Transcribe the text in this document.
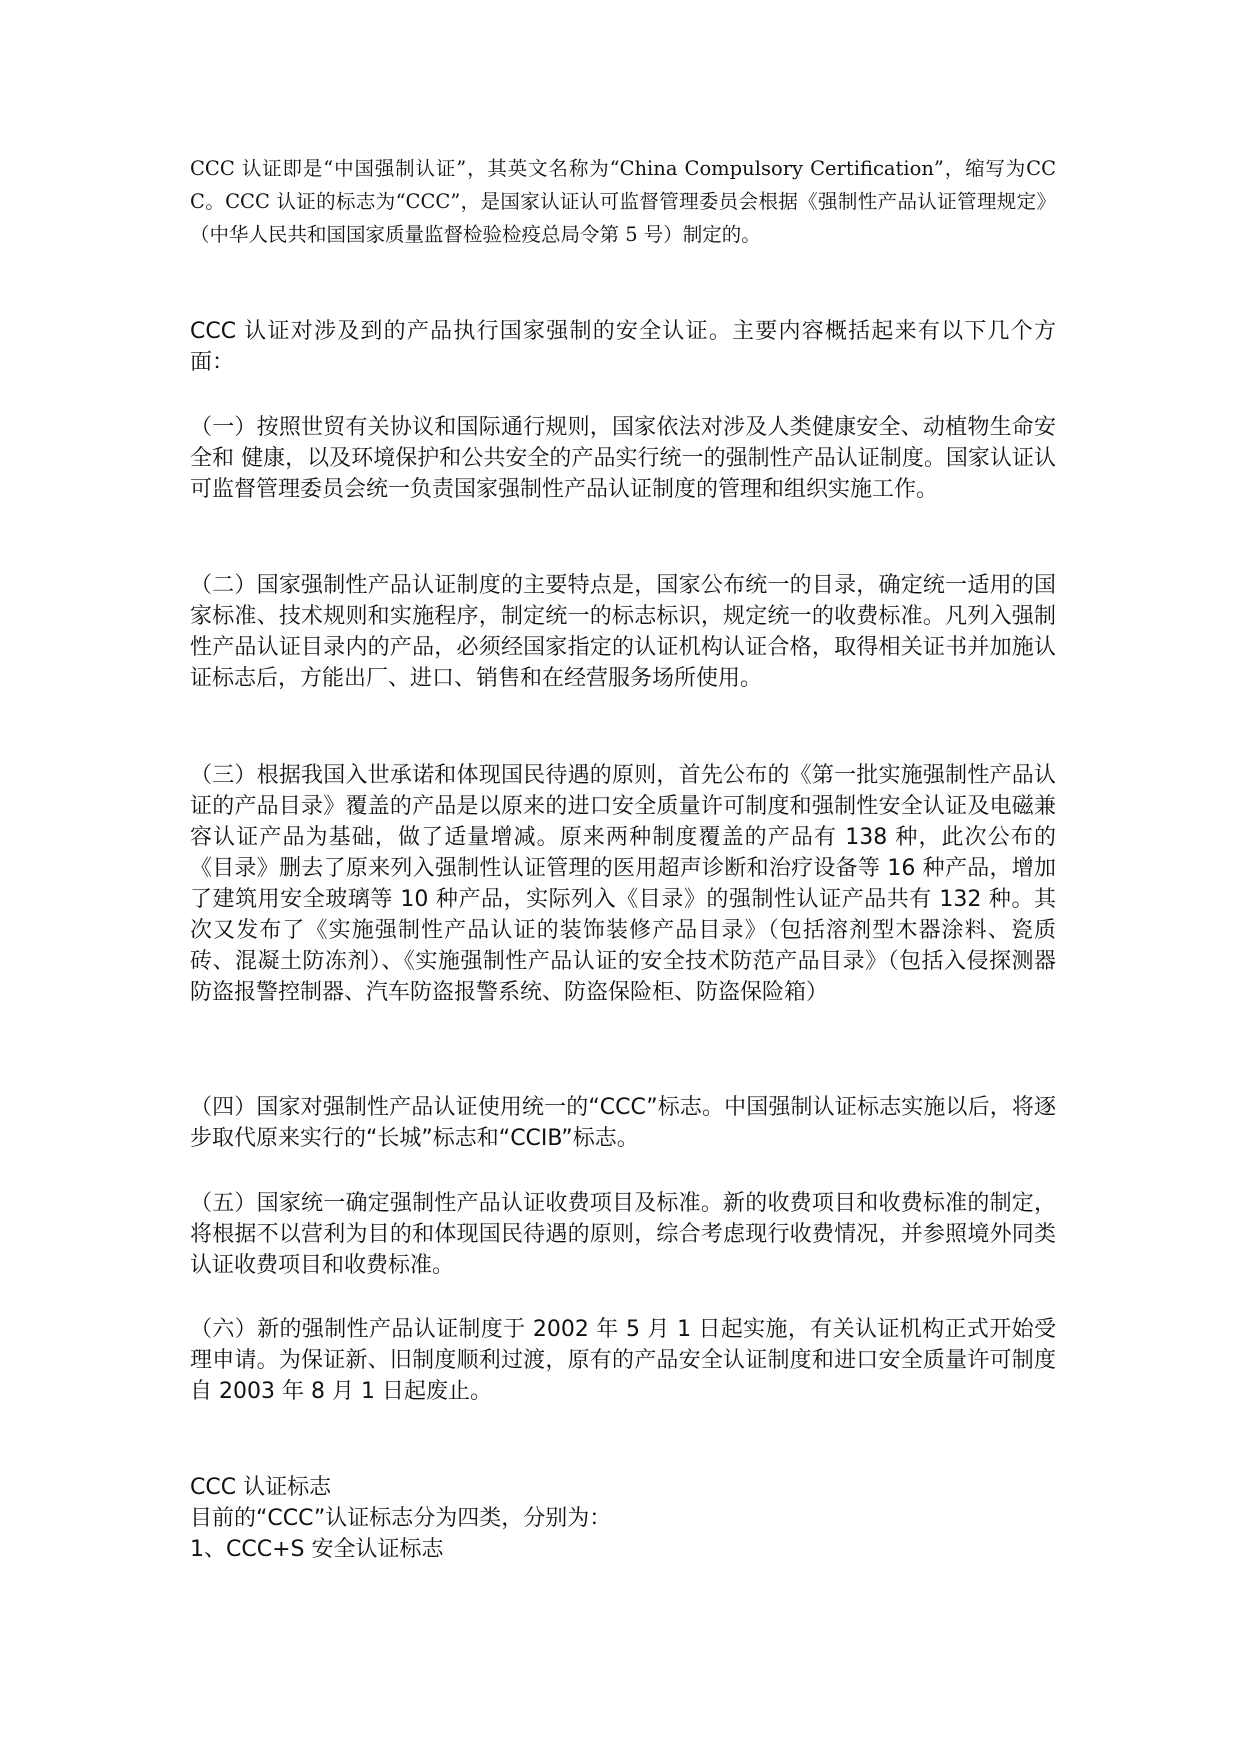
CCC 认证即是“中国强制认证”，其英文名称为“China Compulsory Certification”，缩写为CCC。CCC 认证的标志为“CCC”，是国家认证认可监督管理委员会根据《强制性产品认证管理规定》（中华人民共和国国家质量监督检验检疫总局令第 5 号）制定的。

CCC 认证对涉及到的产品执行国家强制的安全认证。主要内容概括起来有以下几个方面：

（一）按照世贸有关协议和国际通行规则，国家依法对涉及人类健康安全、动植物生命安全和 健康，以及环境保护和公共安全的产品实行统一的强制性产品认证制度。国家认证认可监督管理委员会统一负责国家强制性产品认证制度的管理和组织实施工作。

（二）国家强制性产品认证制度的主要特点是，国家公布统一的目录，确定统一适用的国家标准、技术规则和实施程序，制定统一的标志标识，规定统一的收费标准。凡列入强制性产品认证目录内的产品，必须经国家指定的认证机构认证合格，取得相关证书并加施认证标志后，方能出厂、进口、销售和在经营服务场所使用。

（三）根据我国入世承诺和体现国民待遇的原则，首先公布的《第一批实施强制性产品认证的产品目录》覆盖的产品是以原来的进口安全质量许可制度和强制性安全认证及电磁兼容认证产品为基础，做了适量增减。原来两种制度覆盖的产品有 138 种，此次公布的《目录》删去了原来列入强制性认证管理的医用超声诊断和治疗设备等 16 种产品，增加了建筑用安全玻璃等 10 种产品，实际列入《目录》的强制性认证产品共有 132 种。其次又发布了《实施强制性产品认证的装饰装修产品目录》（包括溶剂型木器涂料、瓷质砖、混凝土防冻剂）、《实施强制性产品认证的安全技术防范产品目录》（包括入侵探测器防盗报警控制器、汽车防盗报警系统、防盗保险柜、防盗保险箱）

（四）国家对强制性产品认证使用统一的“CCC”标志。中国强制认证标志实施以后，将逐步取代原来实行的“长城”标志和“CCIB”标志。

（五）国家统一确定强制性产品认证收费项目及标准。新的收费项目和收费标准的制定，将根据不以营利为目的和体现国民待遇的原则，综合考虑现行收费情况，并参照境外同类认证收费项目和收费标准。

（六）新的强制性产品认证制度于 2002 年 5 月 1 日起实施，有关认证机构正式开始受理申请。为保证新、旧制度顺利过渡，原有的产品安全认证制度和进口安全质量许可制度自 2003 年 8 月 1 日起废止。

CCC 认证标志

目前的“CCC”认证标志分为四类，分别为：

1、CCC+S 安全认证标志
